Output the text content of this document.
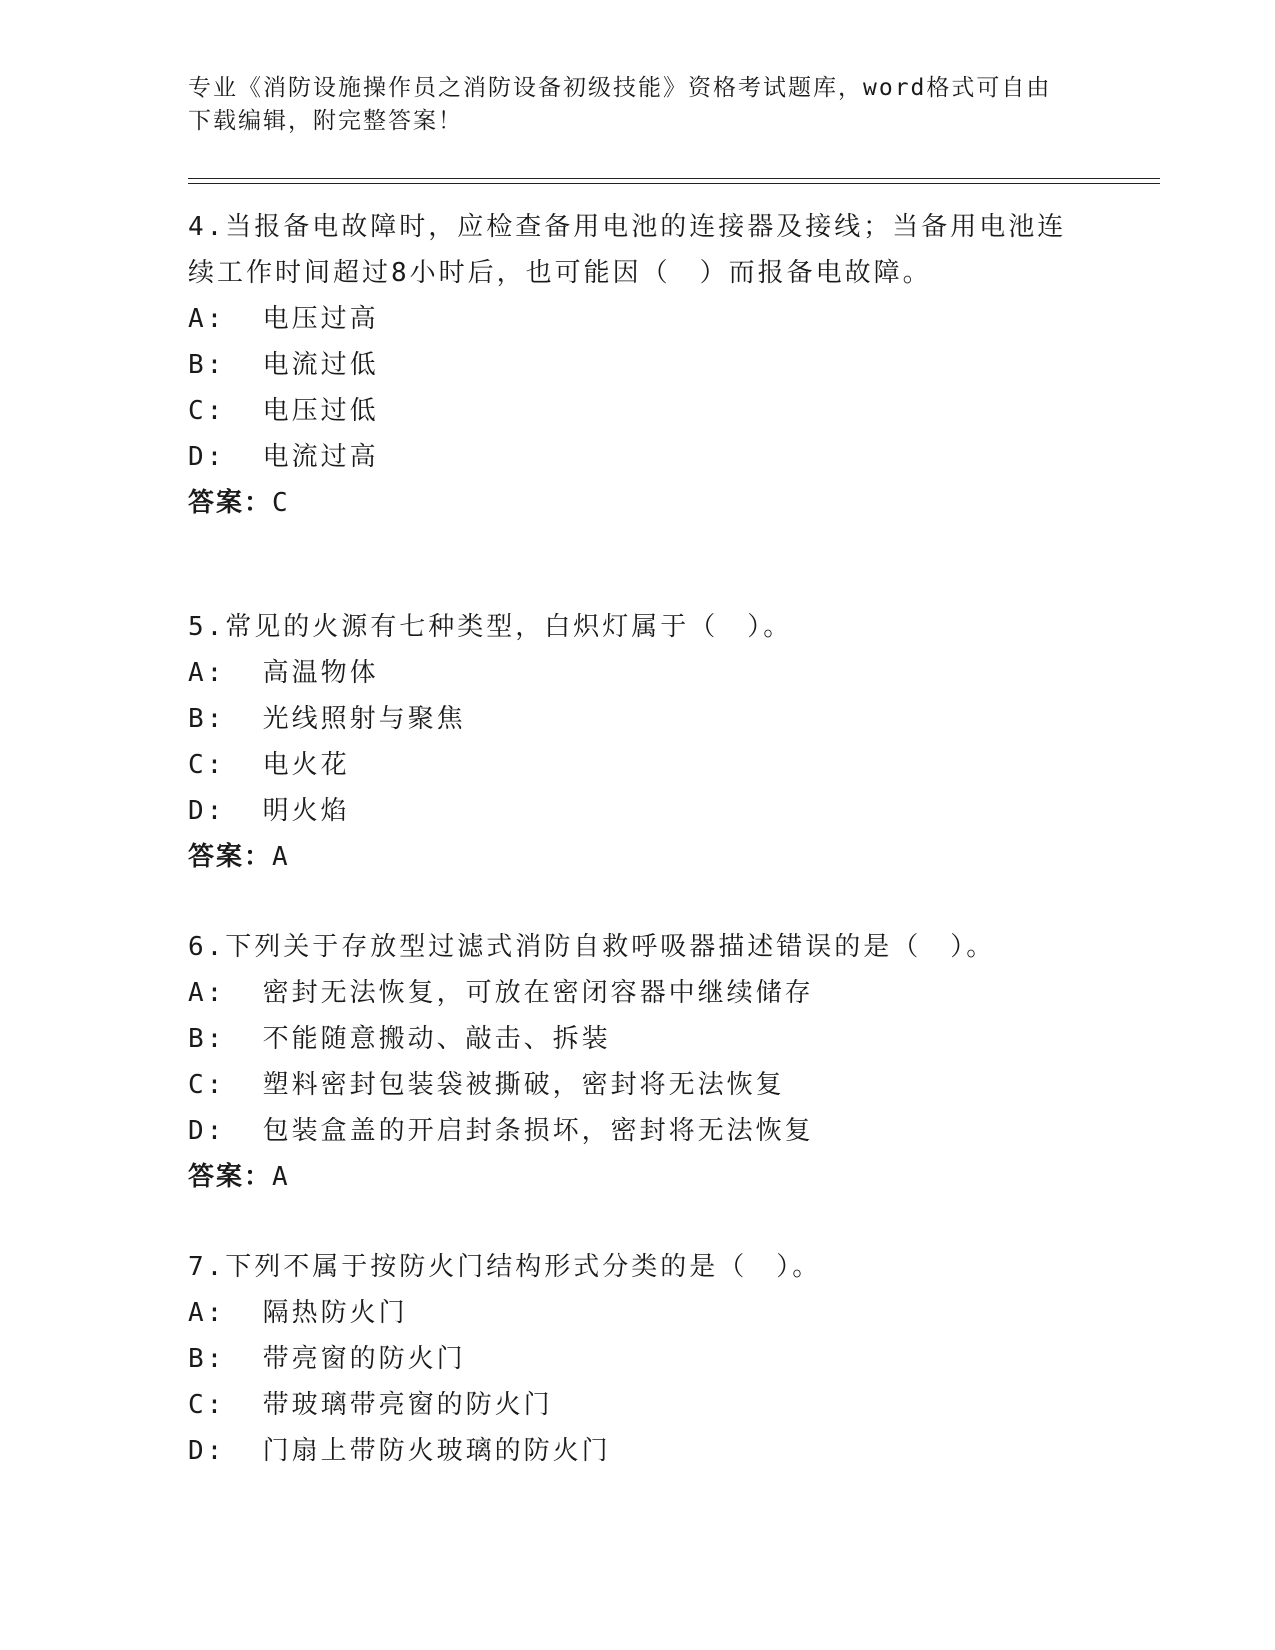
专业《消防设施操作员之消防设备初级技能》资格考试题库，word格式可自由下载编辑，附完整答案！

4.当报备电故障时，应检查备用电池的连接器及接线；当备用电池连续工作时间超过8小时后，也可能因（　）而报备电故障。

A:  电压过高
B:  电流过低
C:  电压过低
D:  电流过高
答案：C

5.常见的火源有七种类型，白炽灯属于（　）。

A:  高温物体
B:  光线照射与聚焦
C:  电火花
D:  明火焰
答案：A

6.下列关于存放型过滤式消防自救呼吸器描述错误的是（　）。

A:  密封无法恢复，可放在密闭容器中继续储存
B:  不能随意搬动、敲击、拆装
C:  塑料密封包装袋被撕破，密封将无法恢复
D:  包装盒盖的开启封条损坏，密封将无法恢复
答案：A

7.下列不属于按防火门结构形式分类的是（　）。

A:  隔热防火门
B:  带亮窗的防火门
C:  带玻璃带亮窗的防火门
D:  门扇上带防火玻璃的防火门
